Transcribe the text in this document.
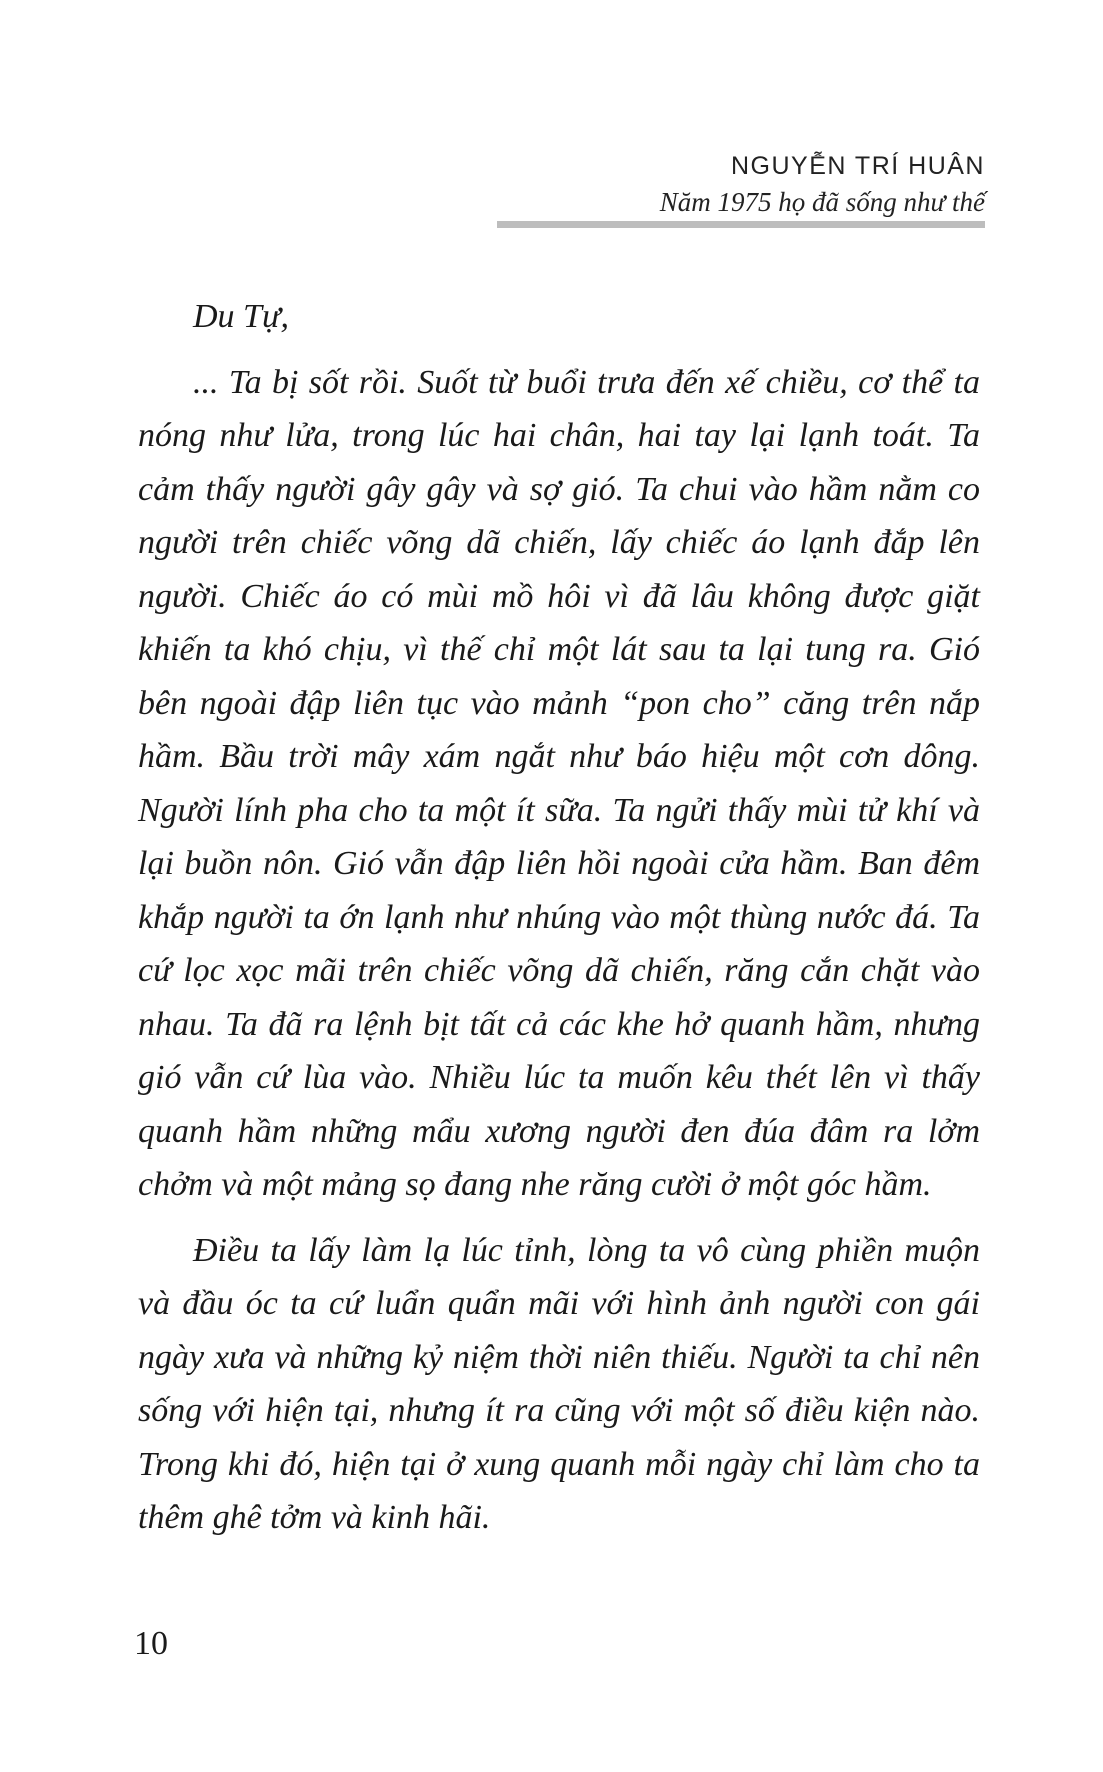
NGUYỄN TRÍ HUÂN
Năm 1975 họ đã sống như thế

Du Tự,

... Ta bị sốt rồi. Suốt từ buổi trưa đến xế chiều, cơ thể ta nóng như lửa, trong lúc hai chân, hai tay lại lạnh toát. Ta cảm thấy người gây gây và sợ gió. Ta chui vào hầm nằm co người trên chiếc võng dã chiến, lấy chiếc áo lạnh đắp lên người. Chiếc áo có mùi mồ hôi vì đã lâu không được giặt khiến ta khó chịu, vì thế chỉ một lát sau ta lại tung ra. Gió bên ngoài đập liên tục vào mảnh “pon cho” căng trên nắp hầm. Bầu trời mây xám ngắt như báo hiệu một cơn dông. Người lính pha cho ta một ít sữa. Ta ngửi thấy mùi tử khí và lại buồn nôn. Gió vẫn đập liên hồi ngoài cửa hầm. Ban đêm khắp người ta ớn lạnh như nhúng vào một thùng nước đá. Ta cứ lọc xọc mãi trên chiếc võng dã chiến, răng cắn chặt vào nhau. Ta đã ra lệnh bịt tất cả các khe hở quanh hầm, nhưng gió vẫn cứ lùa vào. Nhiều lúc ta muốn kêu thét lên vì thấy quanh hầm những mẩu xương người đen đúa đâm ra lởm chởm và một mảng sọ đang nhe răng cười ở một góc hầm.

Điều ta lấy làm lạ lúc tỉnh, lòng ta vô cùng phiền muộn và đầu óc ta cứ luẩn quẩn mãi với hình ảnh người con gái ngày xưa và những kỷ niệm thời niên thiếu. Người ta chỉ nên sống với hiện tại, nhưng ít ra cũng với một số điều kiện nào. Trong khi đó, hiện tại ở xung quanh mỗi ngày chỉ làm cho ta thêm ghê tởm và kinh hãi.

10
